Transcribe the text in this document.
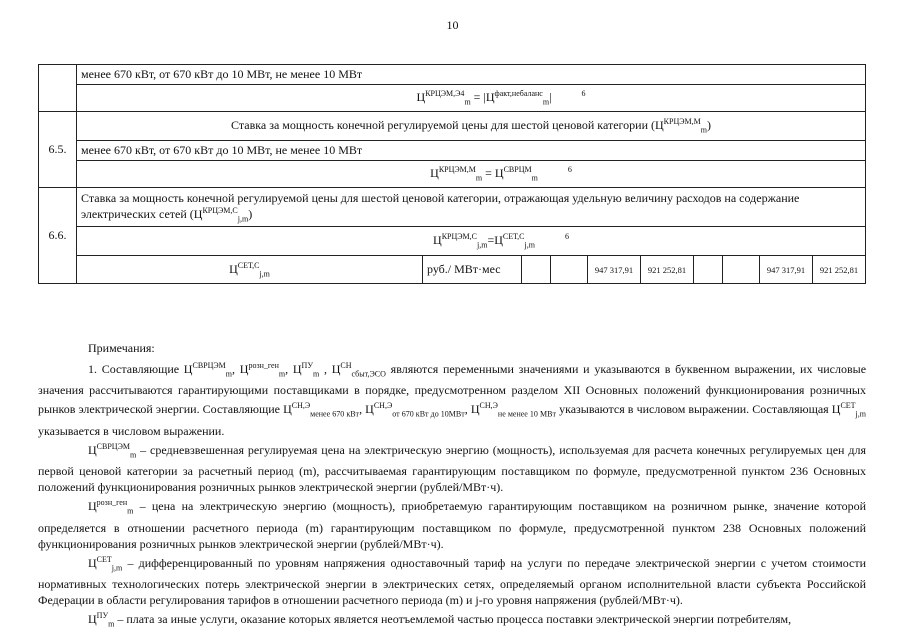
10
	менее 670 кВт, от 670 кВт до 10 МВт, не менее 10 МВт									
	$Ц^{КРЦЭМ,Э4}_m = |Ц^{факт,небаланс}_m|$ 6									
6.5.	Ставка за мощность конечной регулируемой цены для шестой ценовой категории $(Ц^{КРЦЭМ,М}_m)$									
	менее 670 кВт, от 670 кВт до 10 МВт, не менее 10 МВт									
	$Ц^{КРЦЭМ,М}_m = Ц^{СВРЦМ}_m6$									
6.6.	Ставка за мощность конечной регулируемой цены для шестой ценовой категории, отражающая удельную величину расходов на содержание электрических сетей $(Ц^{КРЦЭМ,С}_{j,m})$									
	$Ц^{КРЦЭМ,С}_{j,m}=Ц^{СЕТ,С}_{j,m}6$									
	$Ц^{СЕТ,С}_{j,m}$	руб./ МВт·мес			947 317,91	921 252,81			947 317,91	921 252,81

Примечания:

1. Составляющие $Ц^{СВРЦЭМ}_m$, $Ц^{розн\_ген}_m$, $Ц^{ПУ}_m$ , $Ц^{СН}_{сбыт,ЭСО}$ являются переменными значениями и указываются в буквенном выражении, их числовые значения рассчитываются гарантирующими поставщиками в порядке, предусмотренном разделом XII Основных положений функционирования розничных рынков электрической энергии. Составляющие $Ц^{СН,Э}_{менее 670 кВт}$, $Ц^{СН,Э}_{от 670 кВт до 10МВт}$, $Ц^{СН,Э}_{не менее 10 МВт}$ указываются в числовом выражении. Составляющая $Ц^{СЕТ}_{j,m}$ указывается в числовом выражении.

$Ц^{СВРЦЭМ}_m$ – средневзвешенная регулируемая цена на электрическую энергию (мощность), используемая для расчета конечных регулируемых цен для первой ценовой категории за расчетный период (m), рассчитываемая гарантирующим поставщиком по формуле, предусмотренной пунктом 236 Основных положений функционирования розничных рынков электрической энергии (рублей/МВт·ч).

$Ц^{розн\_ген}_m$ – цена на электрическую энергию (мощность), приобретаемую гарантирующим поставщиком на розничном рынке, значение которой определяется в отношении расчетного периода (m) гарантирующим поставщиком по формуле, предусмотренной пунктом 238 Основных положений функционирования розничных рынков электрической энергии (рублей/МВт·ч).

$Ц^{СЕТ}_{j,m}$ – дифференцированный по уровням напряжения одноставочный тариф на услуги по передаче электрической энергии с учетом стоимости нормативных технологических потерь электрической энергии в электрических сетях, определяемый органом исполнительной власти субъекта Российской Федерации в области регулирования тарифов в отношении расчетного периода (m) и j-го уровня напряжения (рублей/МВт·ч).

$Ц^{ПУ}_m$ – плата за иные услуги, оказание которых является неотъемлемой частью процесса поставки электрической энергии потребителям,
